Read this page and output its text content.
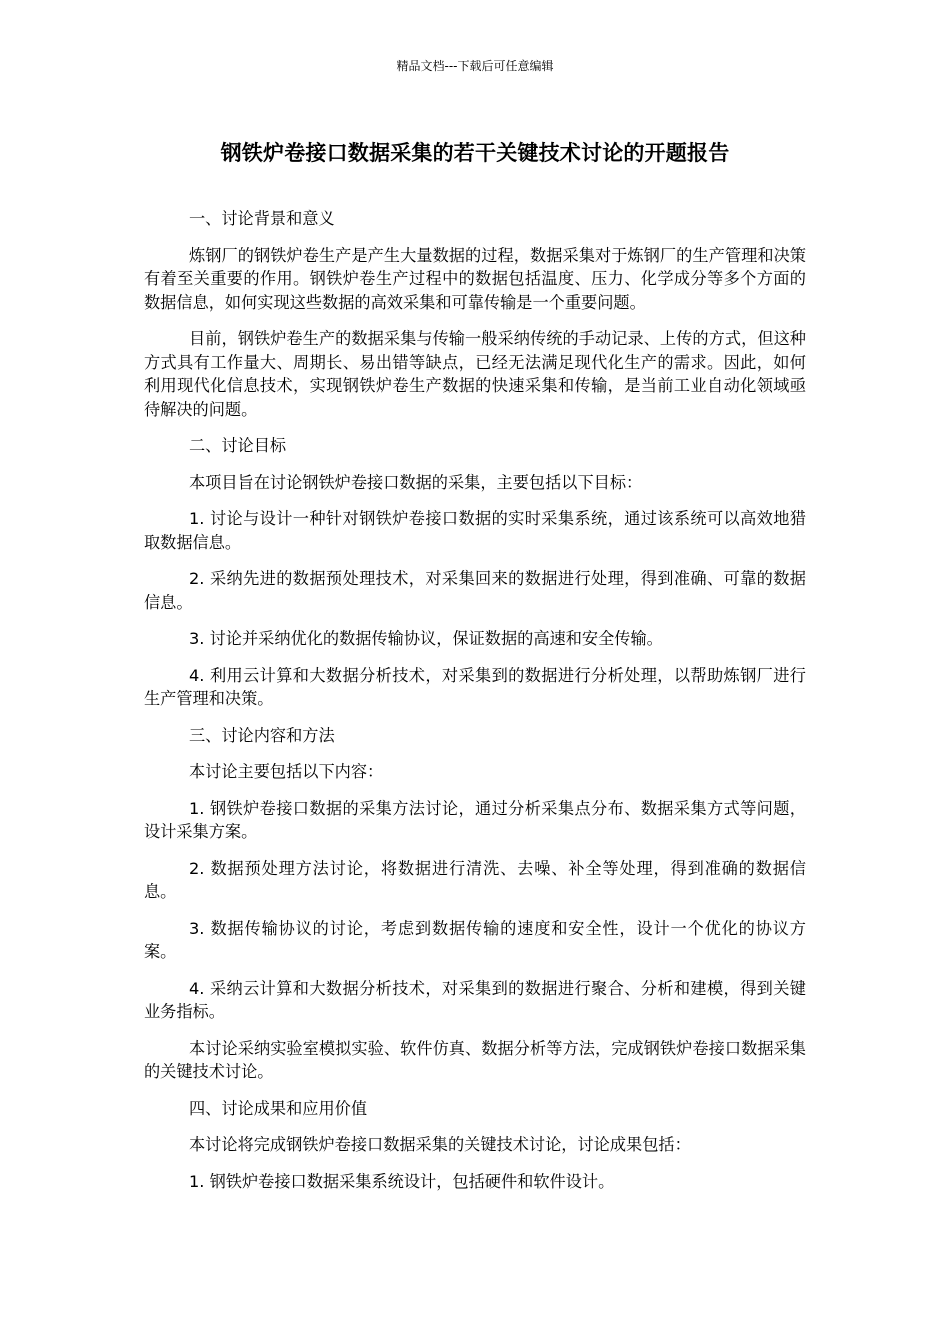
精品文档---下载后可任意编辑
钢铁炉卷接口数据采集的若干关键技术讨论的开题报告

一、讨论背景和意义

炼钢厂的钢铁炉卷生产是产生大量数据的过程，数据采集对于炼钢厂的生产管理和决策有着至关重要的作用。钢铁炉卷生产过程中的数据包括温度、压力、化学成分等多个方面的数据信息，如何实现这些数据的高效采集和可靠传输是一个重要问题。

目前，钢铁炉卷生产的数据采集与传输一般采纳传统的手动记录、上传的方式，但这种方式具有工作量大、周期长、易出错等缺点，已经无法满足现代化生产的需求。因此，如何利用现代化信息技术，实现钢铁炉卷生产数据的快速采集和传输，是当前工业自动化领域亟待解决的问题。

二、讨论目标

本项目旨在讨论钢铁炉卷接口数据的采集，主要包括以下目标：

1. 讨论与设计一种针对钢铁炉卷接口数据的实时采集系统，通过该系统可以高效地猎取数据信息。

2. 采纳先进的数据预处理技术，对采集回来的数据进行处理，得到准确、可靠的数据信息。

3. 讨论并采纳优化的数据传输协议，保证数据的高速和安全传输。

4. 利用云计算和大数据分析技术，对采集到的数据进行分析处理，以帮助炼钢厂进行生产管理和决策。

三、讨论内容和方法

本讨论主要包括以下内容：

1. 钢铁炉卷接口数据的采集方法讨论，通过分析采集点分布、数据采集方式等问题，设计采集方案。

2. 数据预处理方法讨论，将数据进行清洗、去噪、补全等处理，得到准确的数据信息。

3. 数据传输协议的讨论，考虑到数据传输的速度和安全性，设计一个优化的协议方案。

4. 采纳云计算和大数据分析技术，对采集到的数据进行聚合、分析和建模，得到关键业务指标。

本讨论采纳实验室模拟实验、软件仿真、数据分析等方法，完成钢铁炉卷接口数据采集的关键技术讨论。

四、讨论成果和应用价值

本讨论将完成钢铁炉卷接口数据采集的关键技术讨论，讨论成果包括：

1. 钢铁炉卷接口数据采集系统设计，包括硬件和软件设计。
